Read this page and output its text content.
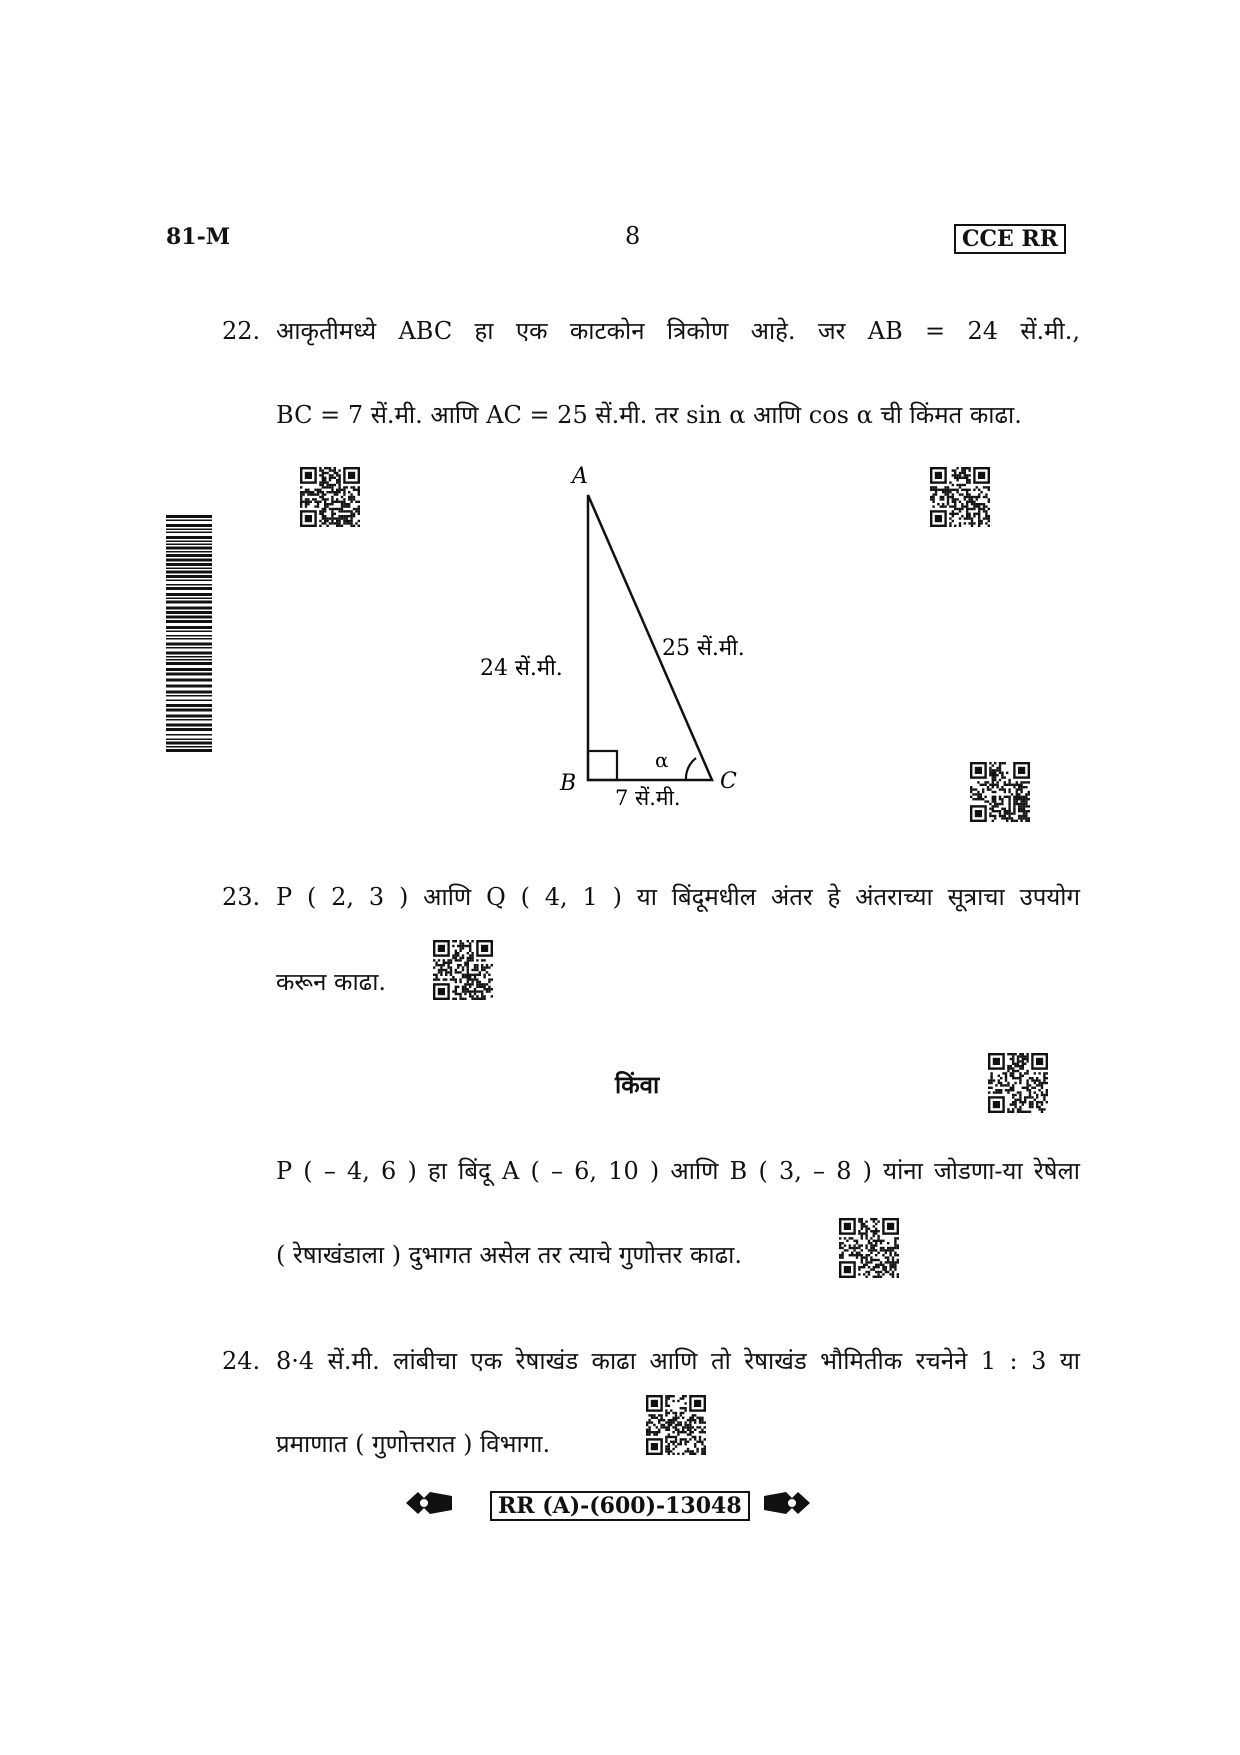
81-M	8	CCE RR
22. आकृतीमध्ये ABC हा एक काटकोन त्रिकोण आहे. जर AB = 24 सें.मी.,
BC = 7 सें.मी. आणि AC = 25 सें.मी. तर sin α आणि cos α ची किंमत काढा.
A
B	C
24 सें.मी.
25 सें.मी.
7 सें.मी.
α
23. P ( 2, 3 ) आणि Q ( 4, 1 ) या बिंदूमधील अंतर हे अंतराच्या सूत्राचा उपयोग
करून काढा.
किंवा
P ( – 4, 6 ) हा बिंदू A ( – 6, 10 ) आणि B ( 3, – 8 ) यांना जोडणा-या रेषेला
( रेषाखंडाला ) दुभागत असेल तर त्याचे गुणोत्तर काढा.
24. 8·4 सें.मी. लांबीचा एक रेषाखंड काढा आणि तो रेषाखंड भौमितीक रचनेने 1 : 3 या
प्रमाणात ( गुणोत्तरात ) विभागा.
RR (A)-(600)-13048
